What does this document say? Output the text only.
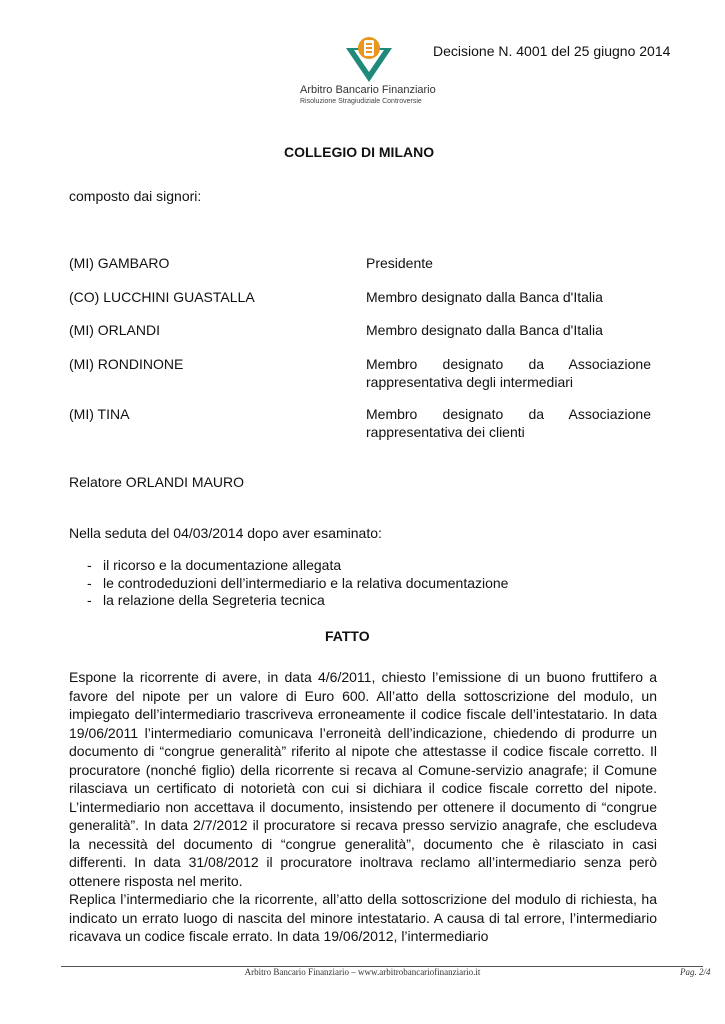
Decisione N. 4001 del 25 giugno 2014
Arbitro Bancario Finanziario
Risoluzione Stragiudiziale Controversie
COLLEGIO DI MILANO
composto dai signori:
(MI) GAMBARO	Presidente
(CO) LUCCHINI GUASTALLA	Membro designato dalla Banca d'Italia
(MI) ORLANDI	Membro designato dalla Banca d'Italia
(MI) RONDINONE	Membro designato da Associazione
rappresentativa degli intermediari
(MI) TINA	Membro designato da Associazione
rappresentativa dei clienti
Relatore ORLANDI MAURO
Nella seduta del 04/03/2014 dopo aver esaminato:
- il ricorso e la documentazione allegata
- le controdeduzioni dell’intermediario e la relativa documentazione
- la relazione della Segreteria tecnica
FATTO

Espone la ricorrente di avere, in data 4/6/2011, chiesto l’emissione di un buono fruttifero a favore del nipote per un valore di Euro 600. All’atto della sottoscrizione del modulo, un impiegato dell’intermediario trascriveva erroneamente il codice fiscale dell’intestatario. In data 19/06/2011 l’intermediario comunicava l’erroneità dell’indicazione, chiedendo di produrre un documento di “congrue generalità” riferito al nipote che attestasse il codice fiscale corretto. Il procuratore (nonché figlio) della ricorrente si recava al Comune-servizio anagrafe; il Comune rilasciava un certificato di notorietà con cui si dichiara il codice fiscale corretto del nipote. L’intermediario non accettava il documento, insistendo per ottenere il documento di “congrue generalità”. In data 2/7/2012 il procuratore si recava presso servizio anagrafe, che escludeva la necessità del documento di “congrue generalità”, documento che è rilasciato in casi differenti. In data 31/08/2012 il procuratore inoltrava reclamo all’intermediario senza però ottenere risposta nel merito.

Replica l’intermediario che la ricorrente, all’atto della sottoscrizione del modulo di richiesta, ha indicato un errato luogo di nascita del minore intestatario. A causa di tal errore, l’intermediario ricavava un codice fiscale errato. In data 19/06/2012, l’intermediario

Arbitro Bancario Finanziario – www.arbitrobancariofinanziario.it	Pag. 2/4
